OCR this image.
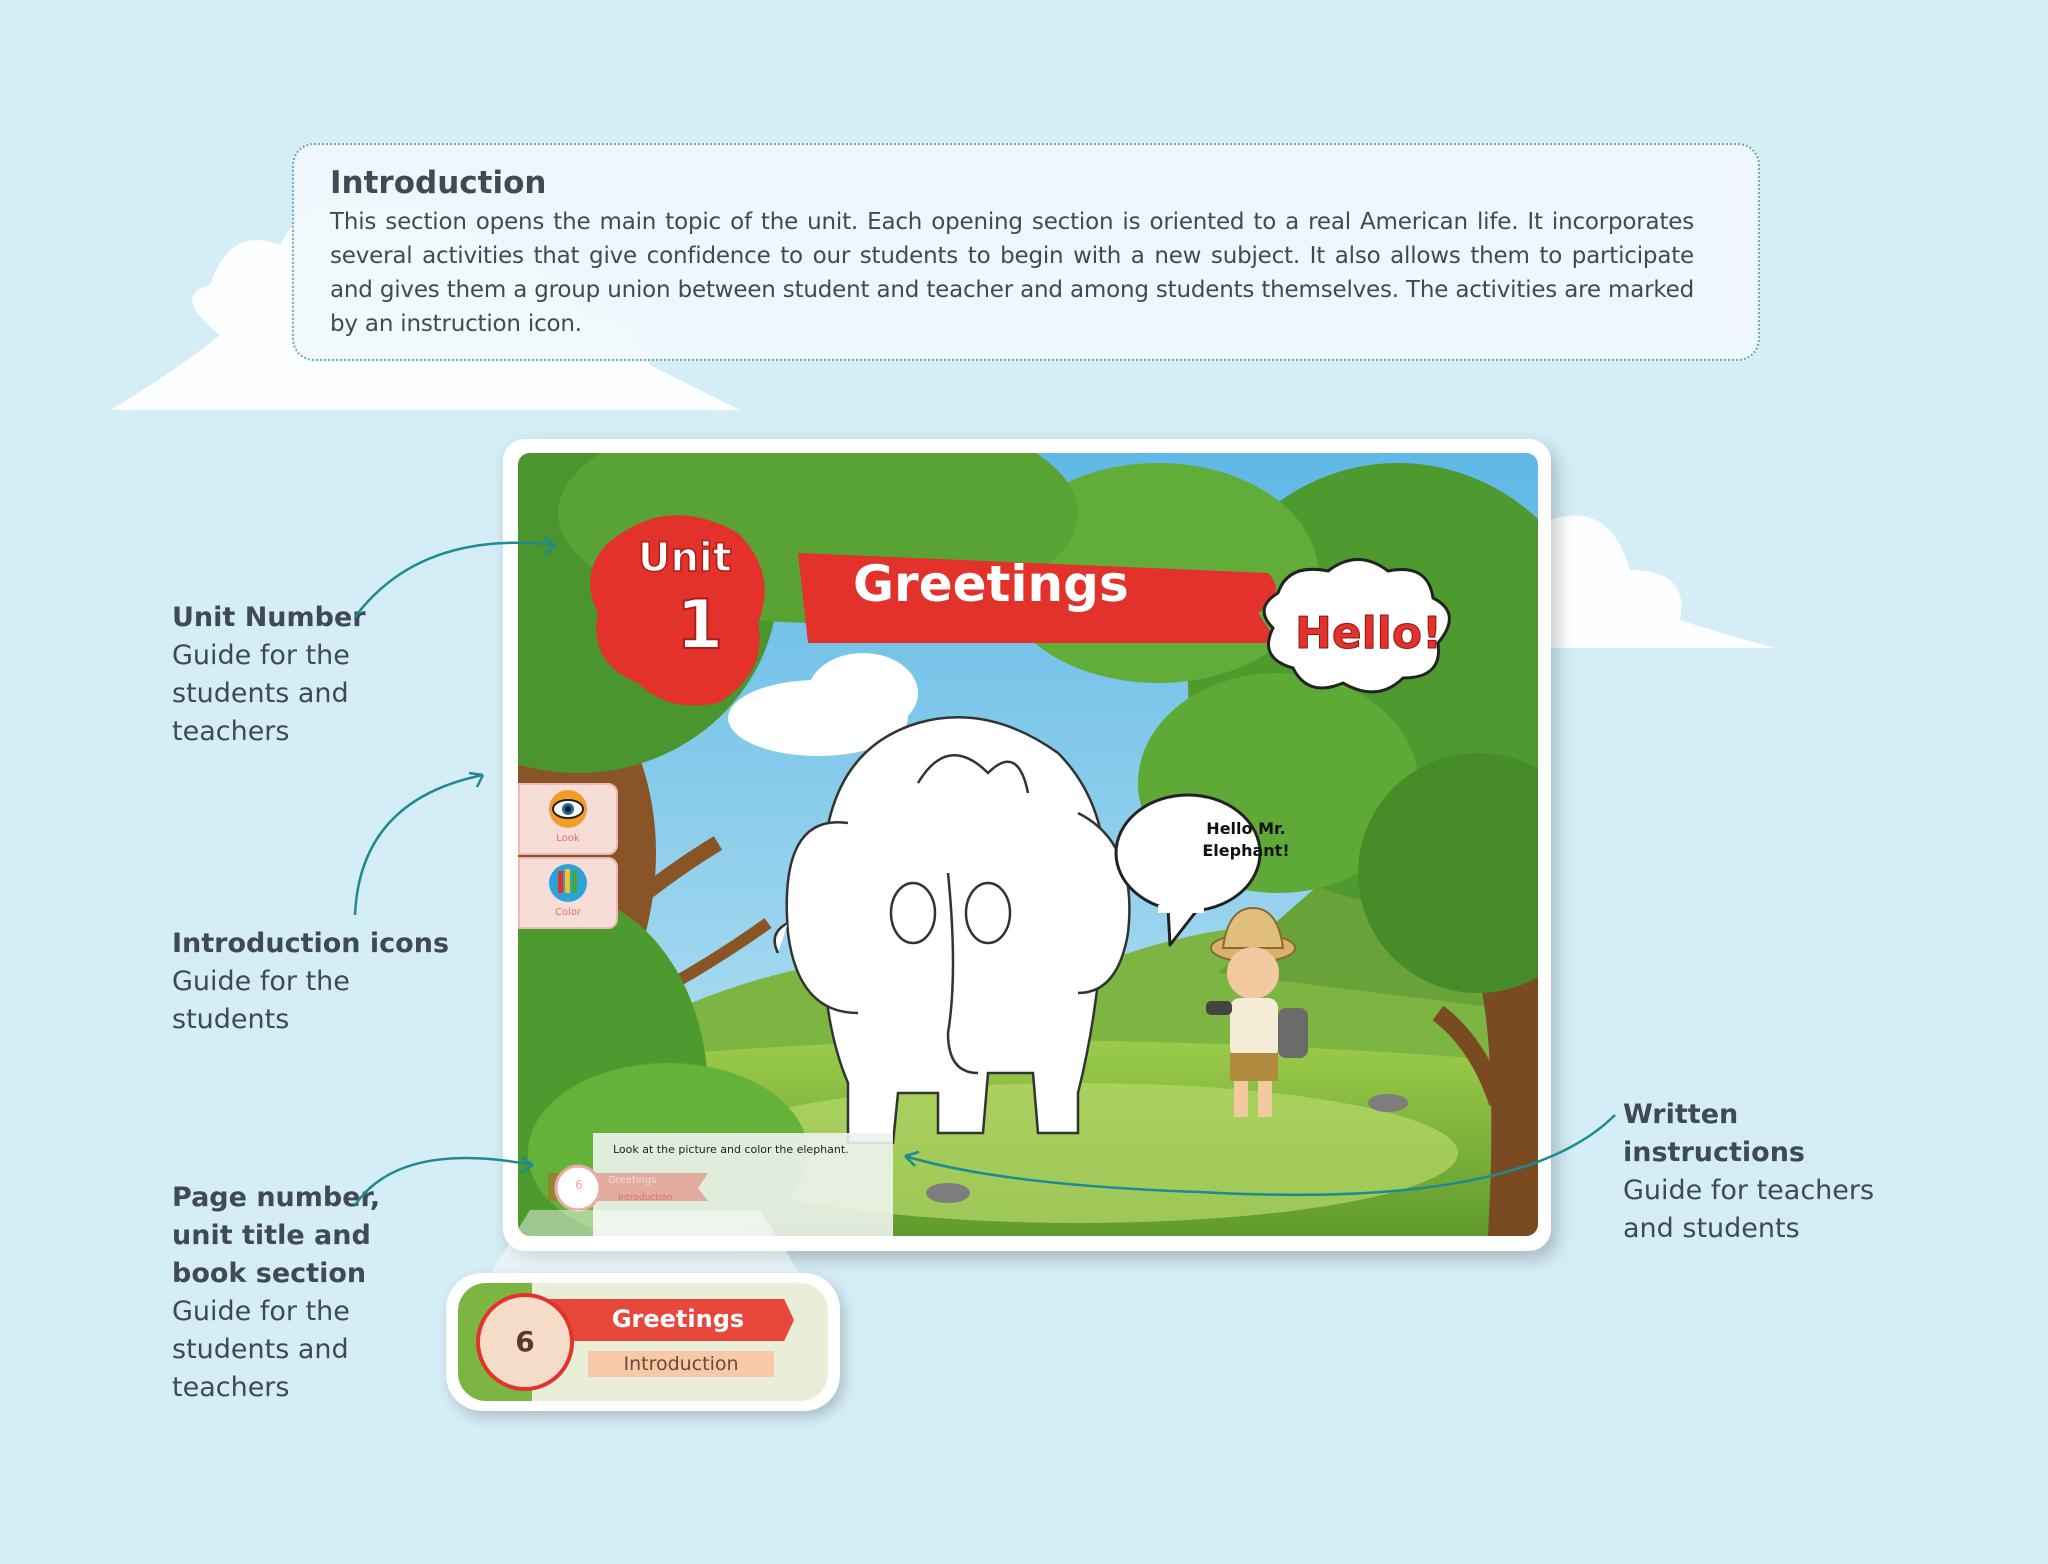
Introduction

This section opens the main topic of the unit. Each opening section is oriented to a real American life. It incorporates several activities that give confidence to our students to begin with a new subject. It also allows them to participate and gives them a group union between student and teacher and among students themselves. The activities are marked by an instruction icon.

Unit Number
Guide for the students and teachers
Introduction icons
Guide for the students
Page number, unit title and book section
Guide for the students and teachers
Written instructions
Guide for teachers and students
Unit
1
Greetings
Hello!
Hello Mr. Elephant!
Look at the picture and color the elephant.
6	Greetings
Introduction
Look
Color
6
Greetings
Introduction
